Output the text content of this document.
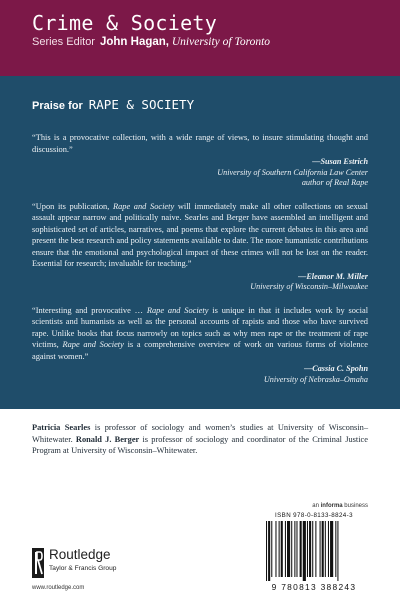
Crime & Society
Series Editor John Hagan, University of Toronto
Praise for RAPE & SOCIETY

“This is a provocative collection, with a wide range of views, to insure stimulating thought and discussion.”

—Susan Estrich
University of Southern California Law Center
author of Real Rape

“Upon its publication, Rape and Society will immediately make all other collections on sexual assault appear narrow and politically naive. Searles and Berger have assembled an intelligent and sophisticated set of articles, narratives, and poems that explore the current debates in this area and present the best research and policy statements available to date. The more humanistic contributions ensure that the emotional and psychological impact of these crimes will not be lost on the reader. Essential for research; invaluable for teaching.”

—Eleanor M. Miller
University of Wisconsin–Milwaukee

“Interesting and provocative … Rape and Society is unique in that it includes work by social scientists and humanists as well as the personal accounts of rapists and those who have survived rape. Unlike books that focus narrowly on topics such as why men rape or the treatment of rape victims, Rape and Society is a comprehensive overview of work on various forms of violence against women.”

—Cassia C. Spohn
University of Nebraska–Omaha

Patricia Searles is professor of sociology and women’s studies at University of Wisconsin–Whitewater. Ronald J. Berger is professor of sociology and coordinator of the Criminal Justice Program at University of Wisconsin–Whitewater.

Routledge
Taylor & Francis Group
www.routledge.com
an informa business
ISBN 978-0-8133-8824-3
9 780813 388243
